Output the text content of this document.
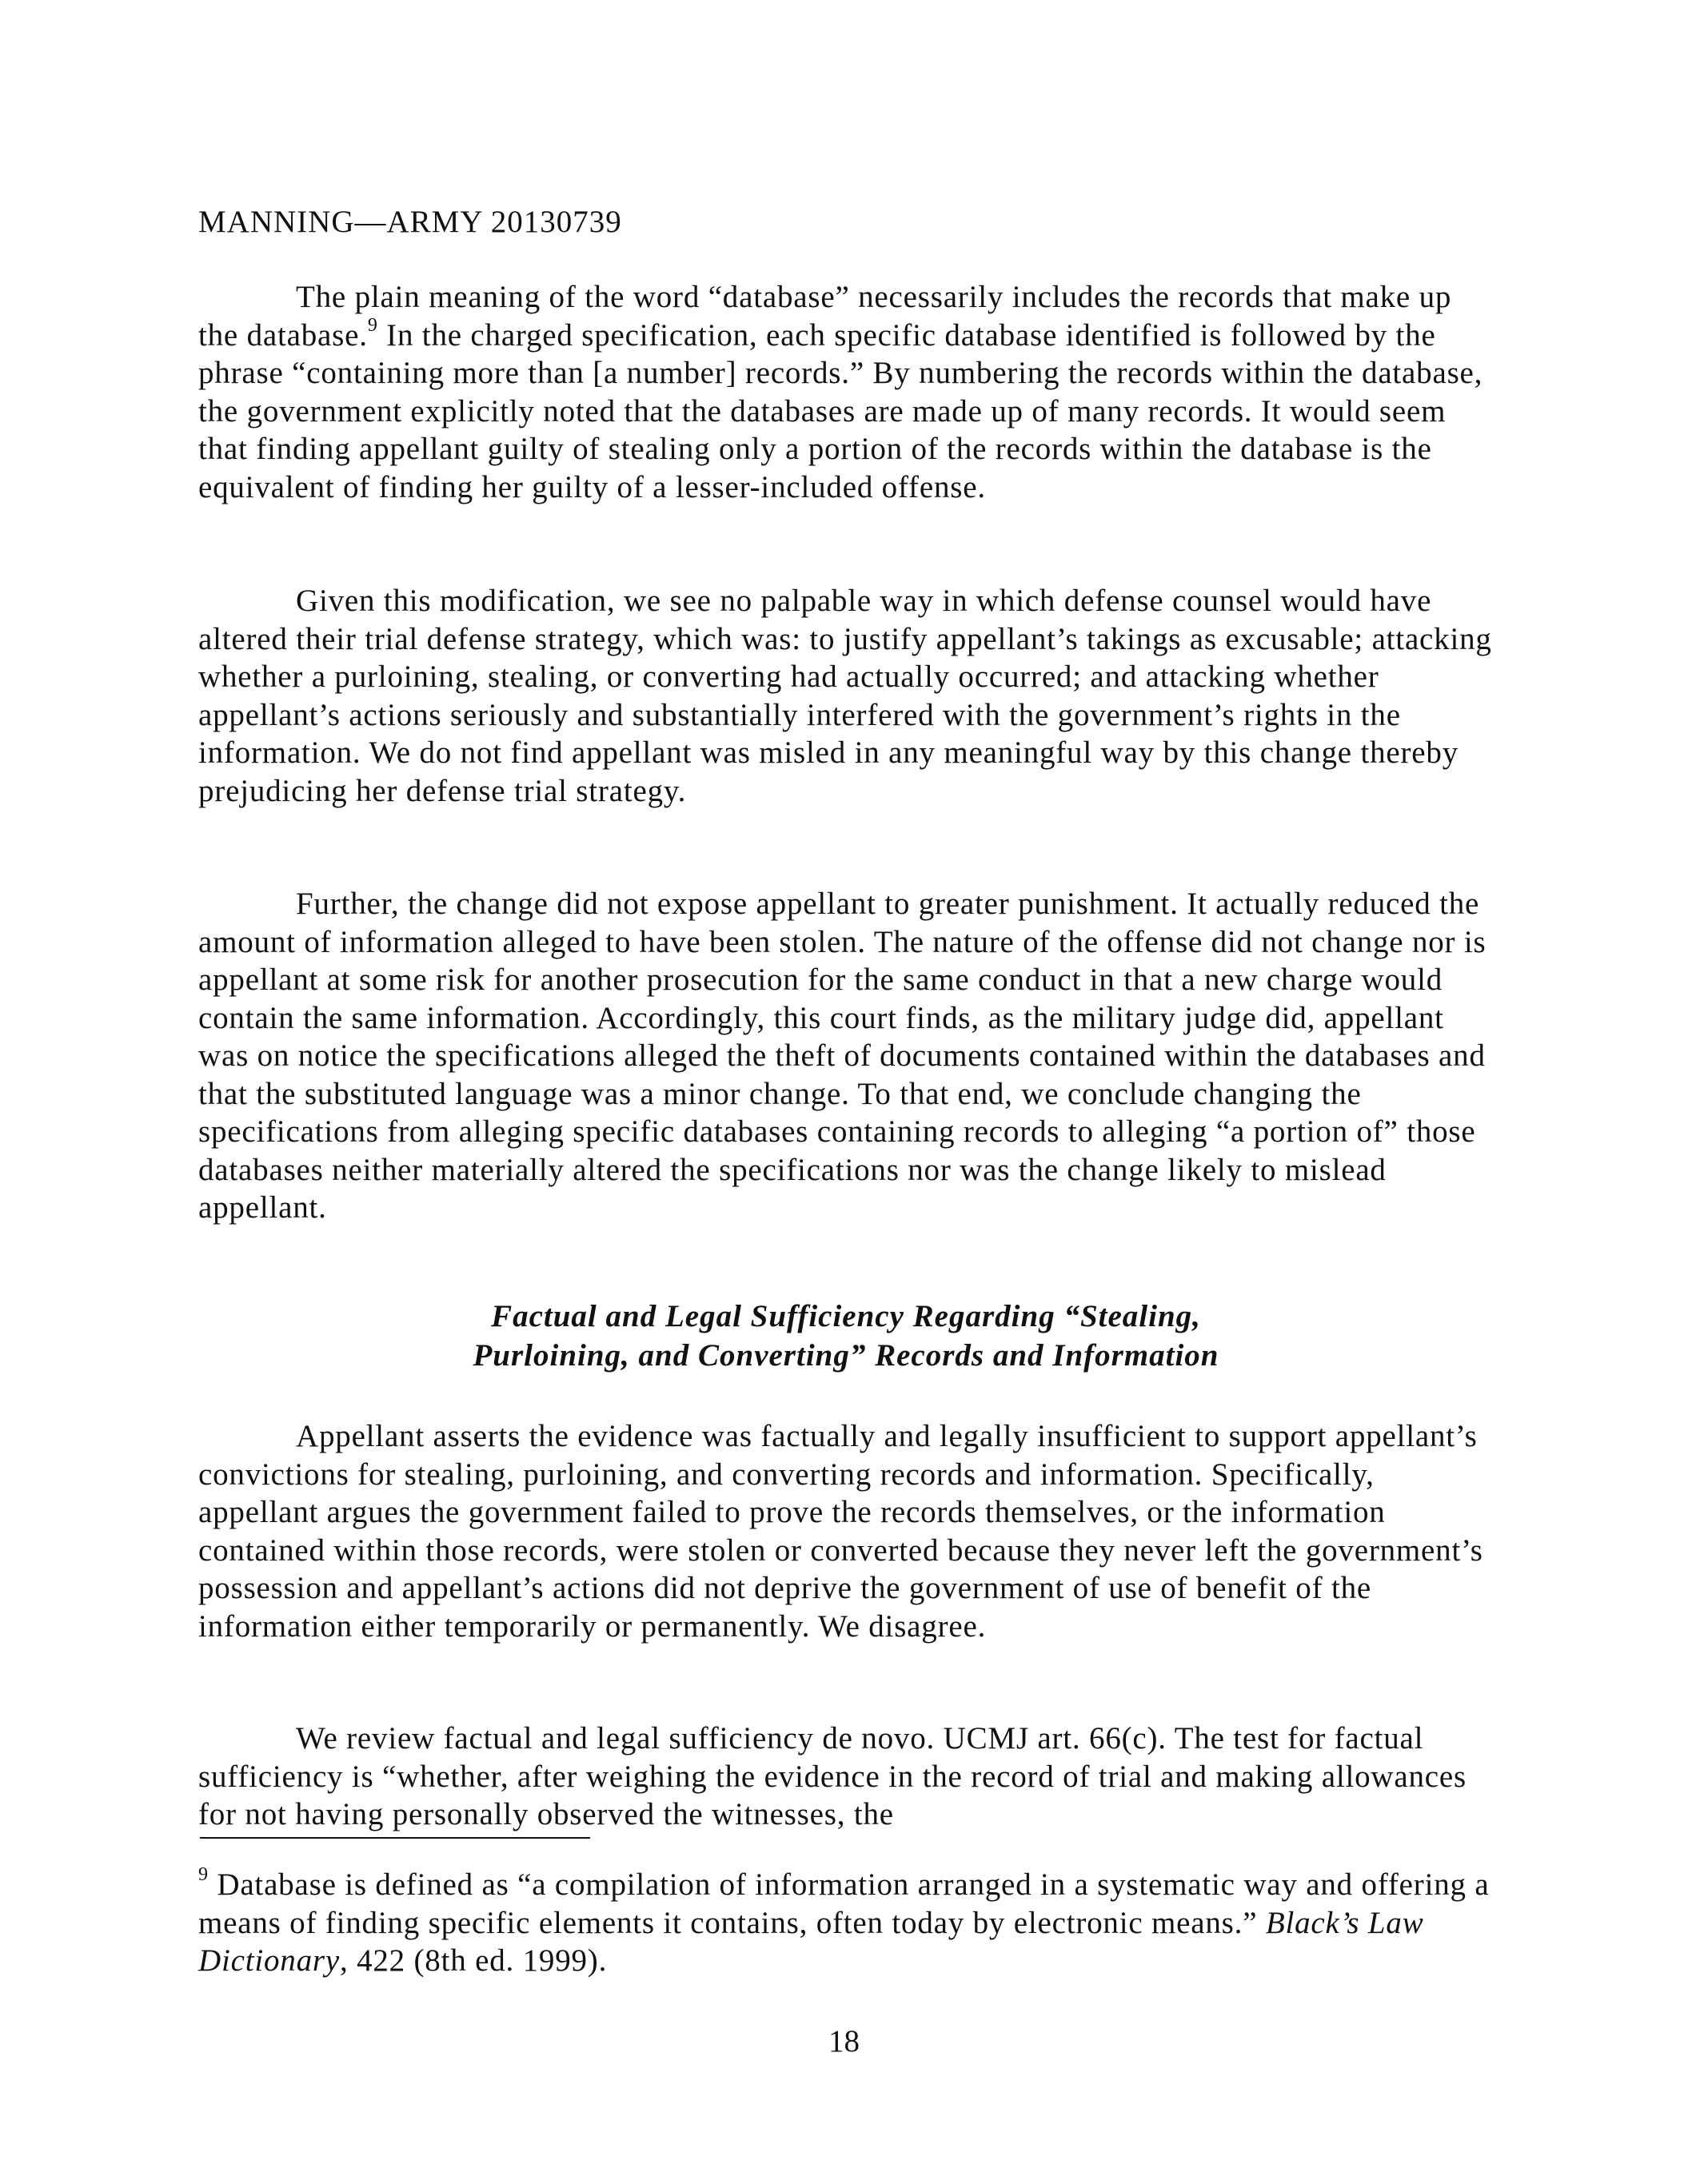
MANNING—ARMY 20130739

The plain meaning of the word “database” necessarily includes the records that make up the database.$^9$ In the charged specification, each specific database identified is followed by the phrase “containing more than [a number] records.” By numbering the records within the database, the government explicitly noted that the databases are made up of many records. It would seem that finding appellant guilty of stealing only a portion of the records within the database is the equivalent of finding her guilty of a lesser-included offense.

Given this modification, we see no palpable way in which defense counsel would have altered their trial defense strategy, which was: to justify appellant’s takings as excusable; attacking whether a purloining, stealing, or converting had actually occurred; and attacking whether appellant’s actions seriously and substantially interfered with the government’s rights in the information. We do not find appellant was misled in any meaningful way by this change thereby prejudicing her defense trial strategy.

Further, the change did not expose appellant to greater punishment. It actually reduced the amount of information alleged to have been stolen. The nature of the offense did not change nor is appellant at some risk for another prosecution for the same conduct in that a new charge would contain the same information. Accordingly, this court finds, as the military judge did, appellant was on notice the specifications alleged the theft of documents contained within the databases and that the substituted language was a minor change. To that end, we conclude changing the specifications from alleging specific databases containing records to alleging “a portion of” those databases neither materially altered the specifications nor was the change likely to mislead appellant.

Factual and Legal Sufficiency Regarding “Stealing,
Purloining, and Converting” Records and Information

Appellant asserts the evidence was factually and legally insufficient to support appellant’s convictions for stealing, purloining, and converting records and information. Specifically, appellant argues the government failed to prove the records themselves, or the information contained within those records, were stolen or converted because they never left the government’s possession and appellant’s actions did not deprive the government of use of benefit of the information either temporarily or permanently. We disagree.

We review factual and legal sufficiency de novo. UCMJ art. 66(c). The test for factual sufficiency is “whether, after weighing the evidence in the record of trial and making allowances for not having personally observed the witnesses, the

$^9$ Database is defined as “a compilation of information arranged in a systematic way and offering a means of finding specific elements it contains, often today by electronic means.” Black’s Law Dictionary, 422 (8th ed. 1999).

18
